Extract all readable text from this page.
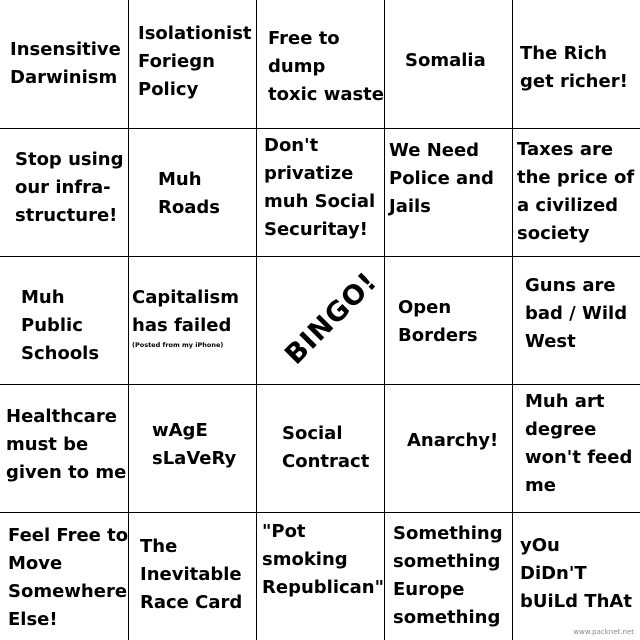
Insensitive
Darwinism
Isolationist
Foriegn
Policy
Free to
dump
toxic waste
Somalia The Rich
get richer!
Stop using
our infra-
structure!
Muh
Roads
Don't
privatize
muh Social
Securitay!
We Need
Police and
Jails
Taxes are
the price of
a civilized
society
Muh
Public
Schools
Capitalism
has failed
(Posted from my iPhone) BINGO! Open
Borders
Guns are
bad / Wild
West
Healthcare
must be
given to me
wAgE
sLaVeRy
Social
Contract
Anarchy!
Muh art
degree
won't feed
me
Feel Free to
Move
Somewhere
Else!
The
Inevitable
Race Card
"Pot
smoking
Republican"
Something
something
Europe
something
yOu
DiDn'T
bUiLd ThAt
www.packnet.net
